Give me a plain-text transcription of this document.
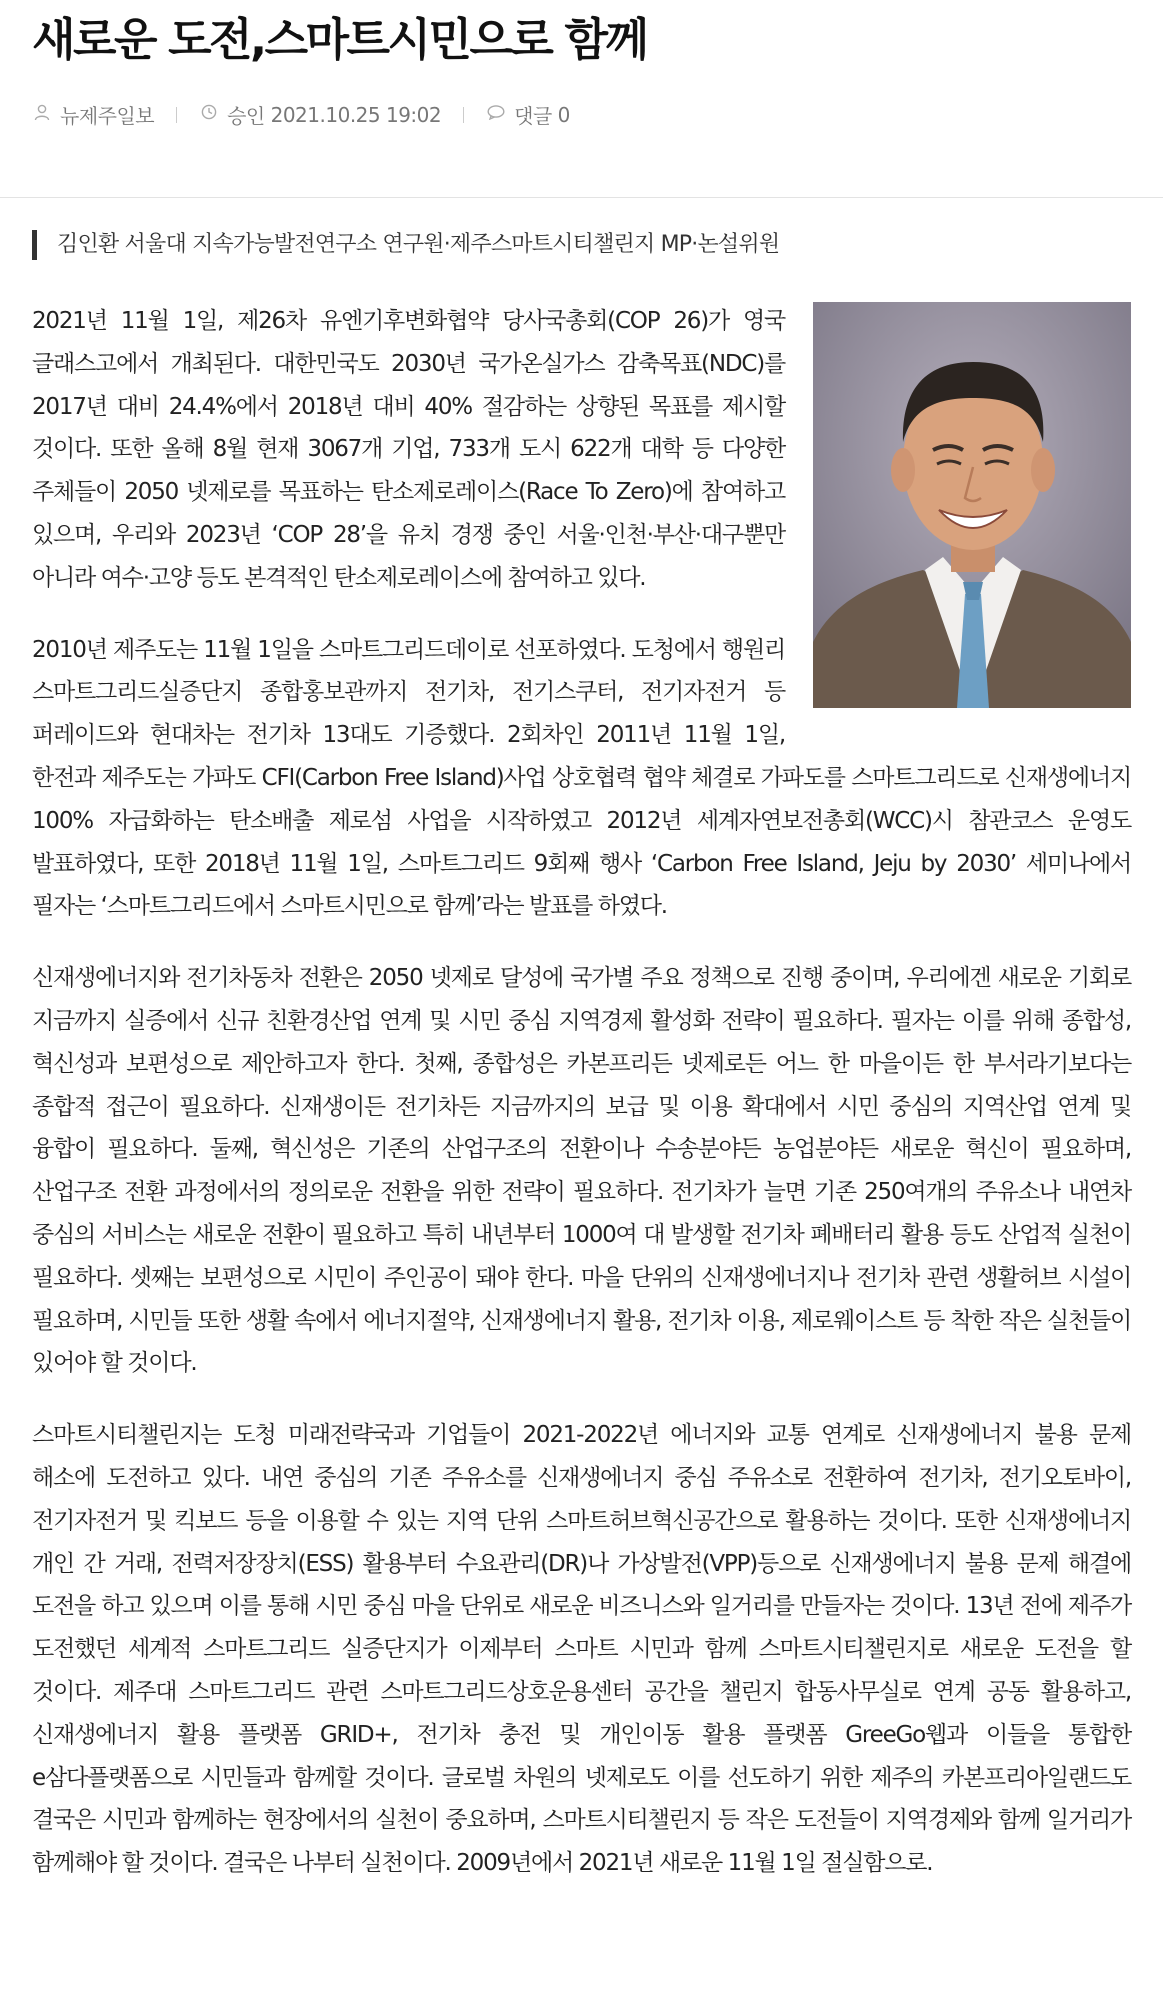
새로운 도전,스마트시민으로 함께
뉴제주일보	승인
2021.10.25 19:02	댓글
0
김인환 서울대 지속가능발전연구소 연구원·제주스마트시티챌린지 MP·논설위원

2021년 11월 1일, 제26차 유엔기후변화협약 당사국총회(COP 26)가 영국 글래스고에서 개최된다. 대한민국도 2030년 국가온실가스 감축목표(NDC)를 2017년 대비 24.4%에서 2018년 대비 40% 절감하는 상향된 목표를 제시할 것이다. 또한 올해 8월 현재 3067개 기업, 733개 도시 622개 대학 등 다양한 주체들이 2050 넷제로를 목표하는 탄소제로레이스(Race To Zero)에 참여하고 있으며, 우리와 2023년 ‘COP 28’을 유치 경쟁 중인 서울·인천·부산·대구뿐만 아니라 여수·고양 등도 본격적인 탄소제로레이스에 참여하고 있다.

2010년 제주도는 11월 1일을 스마트그리드데이로 선포하였다. 도청에서 행원리 스마트그리드실증단지 종합홍보관까지 전기차, 전기스쿠터, 전기자전거 등 퍼레이드와 현대차는 전기차 13대도 기증했다. 2회차인 2011년 11월 1일, 한전과 제주도는 가파도 CFI(Carbon Free Island)사업 상호협력 협약 체결로 가파도를 스마트그리드로 신재생에너지 100% 자급화하는 탄소배출 제로섬 사업을 시작하였고 2012년 세계자연보전총회(WCC)시 참관코스 운영도 발표하였다, 또한 2018년 11월 1일, 스마트그리드 9회째 행사 ‘Carbon Free Island, Jeju by 2030’ 세미나에서 필자는 ‘스마트그리드에서 스마트시민으로 함께’라는 발표를 하였다.

신재생에너지와 전기차동차 전환은 2050 넷제로 달성에 국가별 주요 정책으로 진행 중이며, 우리에겐 새로운 기회로 지금까지 실증에서 신규 친환경산업 연계 및 시민 중심 지역경제 활성화 전략이 필요하다. 필자는 이를 위해 종합성, 혁신성과 보편성으로 제안하고자 한다. 첫째, 종합성은 카본프리든 넷제로든 어느 한 마을이든 한 부서라기보다는 종합적 접근이 필요하다. 신재생이든 전기차든 지금까지의 보급 및 이용 확대에서 시민 중심의 지역산업 연계 및 융합이 필요하다. 둘째, 혁신성은 기존의 산업구조의 전환이나 수송분야든 농업분야든 새로운 혁신이 필요하며, 산업구조 전환 과정에서의 정의로운 전환을 위한 전략이 필요하다. 전기차가 늘면 기존 250여개의 주유소나 내연차 중심의 서비스는 새로운 전환이 필요하고 특히 내년부터 1000여 대 발생할 전기차 폐배터리 활용 등도 산업적 실천이 필요하다. 셋째는 보편성으로 시민이 주인공이 돼야 한다. 마을 단위의 신재생에너지나 전기차 관련 생활허브 시설이 필요하며, 시민들 또한 생활 속에서 에너지절약, 신재생에너지 활용, 전기차 이용, 제로웨이스트 등 착한 작은 실천들이 있어야 할 것이다.

스마트시티챌린지는 도청 미래전략국과 기업들이 2021-2022년 에너지와 교통 연계로 신재생에너지 불용 문제 해소에 도전하고 있다. 내연 중심의 기존 주유소를 신재생에너지 중심 주유소로 전환하여 전기차, 전기오토바이, 전기자전거 및 킥보드 등을 이용할 수 있는 지역 단위 스마트허브혁신공간으로 활용하는 것이다. 또한 신재생에너지 개인 간 거래, 전력저장장치(ESS) 활용부터 수요관리(DR)나 가상발전(VPP)등으로 신재생에너지 불용 문제 해결에 도전을 하고 있으며 이를 통해 시민 중심 마을 단위로 새로운 비즈니스와 일거리를 만들자는 것이다. 13년 전에 제주가 도전했던 세계적 스마트그리드 실증단지가 이제부터 스마트 시민과 함께 스마트시티챌린지로 새로운 도전을 할 것이다. 제주대 스마트그리드 관련 스마트그리드상호운용센터 공간을 챌린지 합동사무실로 연계 공동 활용하고, 신재생에너지 활용 플랫폼 GRID+, 전기차 충전 및 개인이동 활용 플랫폼 GreeGo웹과 이들을 통합한 e삼다플랫폼으로 시민들과 함께할 것이다. 글로벌 차원의 넷제로도 이를 선도하기 위한 제주의 카본프리아일랜드도 결국은 시민과 함께하는 현장에서의 실천이 중요하며, 스마트시티챌린지 등 작은 도전들이 지역경제와 함께 일거리가 함께해야 할 것이다. 결국은 나부터 실천이다. 2009년에서 2021년 새로운 11월 1일 절실함으로.
